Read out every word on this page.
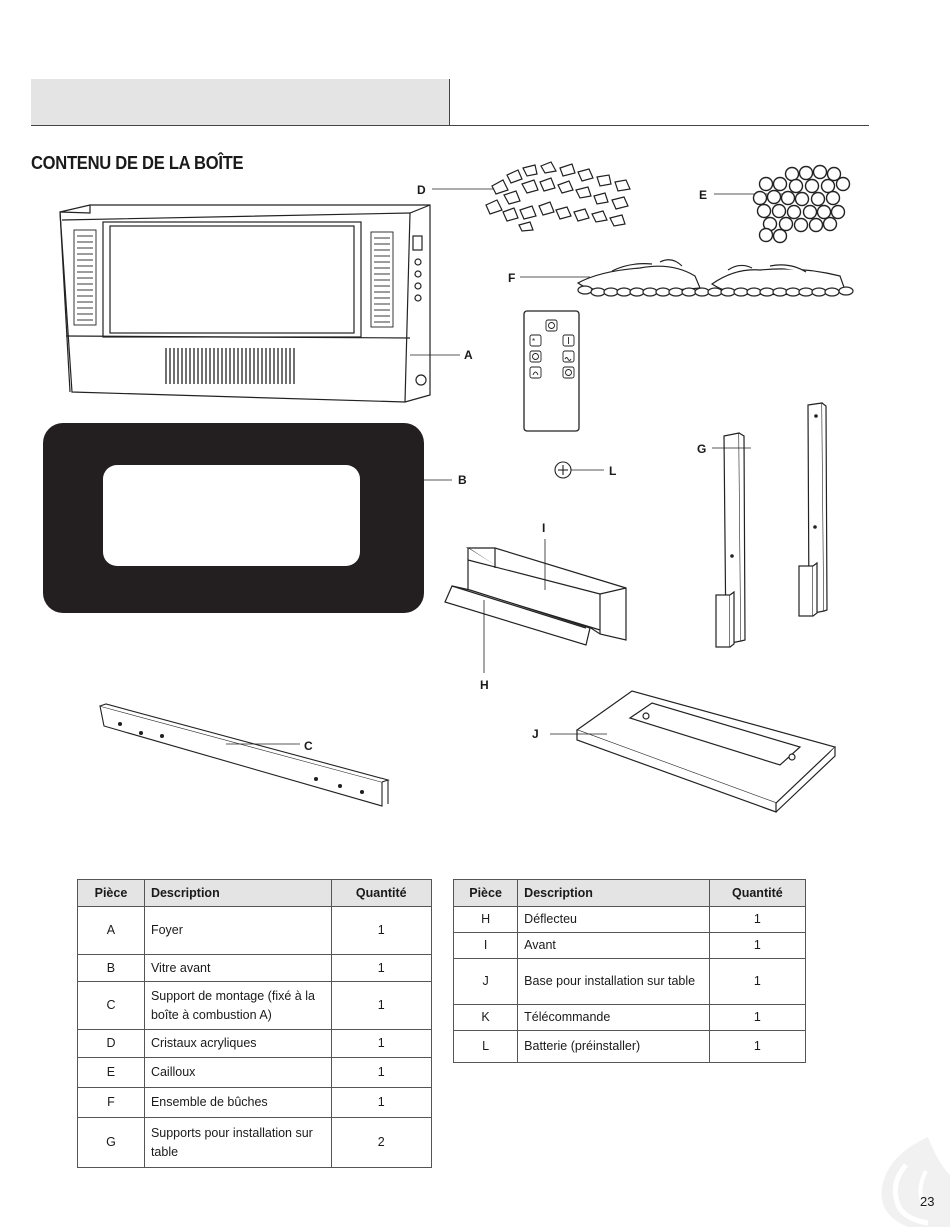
CONTENU DE DE LA BOÎTE
A
B
C
D	E
F
*
L
G
I
H
J
Pièce	Description	Quantité
A	Foyer	1
B	Vitre avant	1
C	Support de montage (fixé à la boîte à combustion A)	1
D	Cristaux acryliques	1
E	Cailloux	1
F	Ensemble de bûches	1
G	Supports pour installation sur table	2
Pièce	Description	Quantité
H	Déflecteu	1
I	Avant	1
J	Base pour installation sur table	1
K	Télécommande	1
L	Batterie (préinstaller)	1
23
